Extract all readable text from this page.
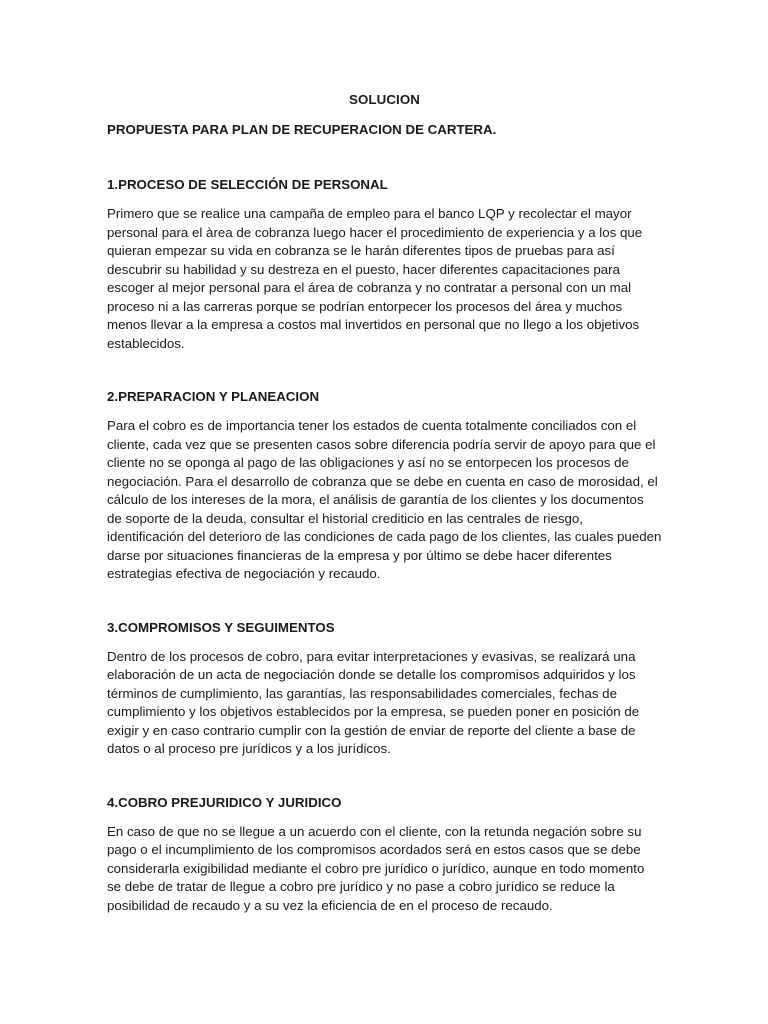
SOLUCION
PROPUESTA PARA PLAN DE RECUPERACION DE CARTERA.
1.PROCESO DE SELECCIÓN DE PERSONAL

Primero que se realice una campaña de empleo para el banco LQP y recolectar el mayor personal para el àrea de cobranza luego hacer el procedimiento de experiencia y a los que quieran empezar su vida en cobranza se le harán diferentes tipos de pruebas para así descubrir su habilidad y su destreza en el puesto, hacer diferentes capacitaciones para escoger al mejor personal para el área de cobranza y no contratar a personal con un mal proceso ni a las carreras porque se podrían entorpecer los procesos del área y muchos menos llevar a la empresa a costos mal invertidos en personal que no llego a los objetivos establecidos.

2.PREPARACION Y PLANEACION

Para el cobro es de importancia tener los estados de cuenta totalmente conciliados con el cliente, cada vez que se presenten casos sobre diferencia podría servir de apoyo para que el cliente no se oponga al pago de las obligaciones y así no se entorpecen los procesos de negociación. Para el desarrollo de cobranza que se debe en cuenta en caso de morosidad, el cálculo de los intereses de la mora, el análisis de garantía de los clientes y los documentos de soporte de la deuda, consultar el historial crediticio en las centrales de riesgo, identificación del deterioro de las condiciones de cada pago de los clientes, las cuales pueden darse por situaciones financieras de la empresa y por último se debe hacer diferentes estrategias efectiva de negociación y recaudo.

3.COMPROMISOS Y SEGUIMENTOS

Dentro de los procesos de cobro, para evitar interpretaciones y evasivas, se realizará una elaboración de un acta de negociación donde se detalle los compromisos adquiridos y los términos de cumplimiento, las garantías, las responsabilidades comerciales, fechas de cumplimiento y los objetivos establecidos por la empresa, se pueden poner en posición de exigir y en caso contrario cumplir con la gestión de enviar de reporte del cliente a base de datos o al proceso pre jurídicos y a los jurídicos.

4.COBRO PREJURIDICO Y JURIDICO

En caso de que no se llegue a un acuerdo con el cliente, con la retunda negación sobre su pago o el incumplimiento de los compromisos acordados será en estos casos que se debe considerarla exigibilidad mediante el cobro pre jurídico o jurídico, aunque en todo momento se debe de tratar de llegue a cobro pre jurídico y no pase a cobro jurídico se reduce la posibilidad de recaudo y a su vez la eficiencia de en el proceso de recaudo.
